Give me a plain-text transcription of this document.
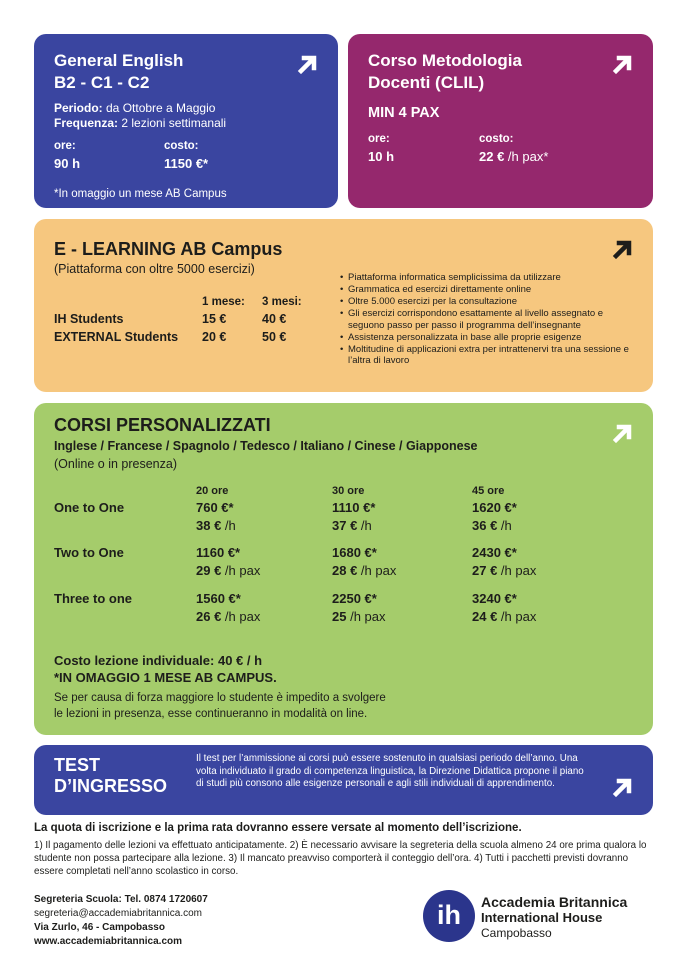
General English
B2 - C1 - C2
Periodo: da Ottobre a Maggio
Frequenza: 2 lezioni settimanali
ore:	costo:
90 h	1150 €*
*In omaggio un mese AB Campus
Corso Metodologia
Docenti (CLIL)
MIN 4 PAX
ore:	costo:
10 h	22 € /h pax*
E - LEARNING AB Campus
(Piattaforma con oltre 5000 esercizi)
1 mese: 3 mesi:
IH Students	15 €	40 €
EXTERNAL Students 20 €	50 €
• Piattaforma informatica semplicissima da utilizzare
• Grammatica ed esercizi direttamente online
• Oltre 5.000 esercizi per la consultazione
• Gli esercizi corrispondono esattamente al livello assegnato e seguono passo per passo il programma dell’insegnante
• Assistenza personalizzata in base alle proprie esigenze
• Moltitudine di applicazioni extra per intrattenervi tra una sessione e l’altra di lavoro
CORSI PERSONALIZZATI
Inglese / Francese / Spagnolo / Tedesco / Italiano / Cinese / Giapponese
(Online o in presenza)
20 ore	30 ore	45 ore
One to One	760 €*	1110 €*	1620 €*
38 € /h	37 € /h	36 € /h
Two to One	1160 €*	1680 €*	2430 €*
29 € /h pax	28 € /h pax	27 € /h pax
Three to one	1560 €*	2250 €*	3240 €*
26 € /h pax	25 /h pax	24 € /h pax
Costo lezione individuale: 40 € / h
*IN OMAGGIO 1 MESE AB CAMPUS.
Se per causa di forza maggiore lo studente è impedito a svolgere
le lezioni in presenza, esse continueranno in modalità on line.
TEST
D’INGRESSO
Il test per l’ammissione ai corsi può essere sostenuto in qualsiasi periodo dell’anno. Una volta individuato il grado di competenza linguistica, la Direzione Didattica propone il piano di studi più consono alle esigenze personali e agli stili individuali di apprendimento.
La quota di iscrizione e la prima rata dovranno essere versate al momento dell’iscrizione.
1) Il pagamento delle lezioni va effettuato anticipatamente. 2) È necessario avvisare la segreteria della scuola almeno 24 ore prima qualora lo studente non possa partecipare alla lezione. 3) Il mancato preavviso comporterà il conteggio dell’ora. 4) Tutti i pacchetti previsti dovranno essere completati nell’anno scolastico in corso.
Segreteria Scuola: Tel. 0874 1720607
segreteria@accademiabritannica.com
Via Zurlo, 46 - Campobasso
www.accademiabritannica.com
ih	Accademia Britannica
International House
Campobasso
